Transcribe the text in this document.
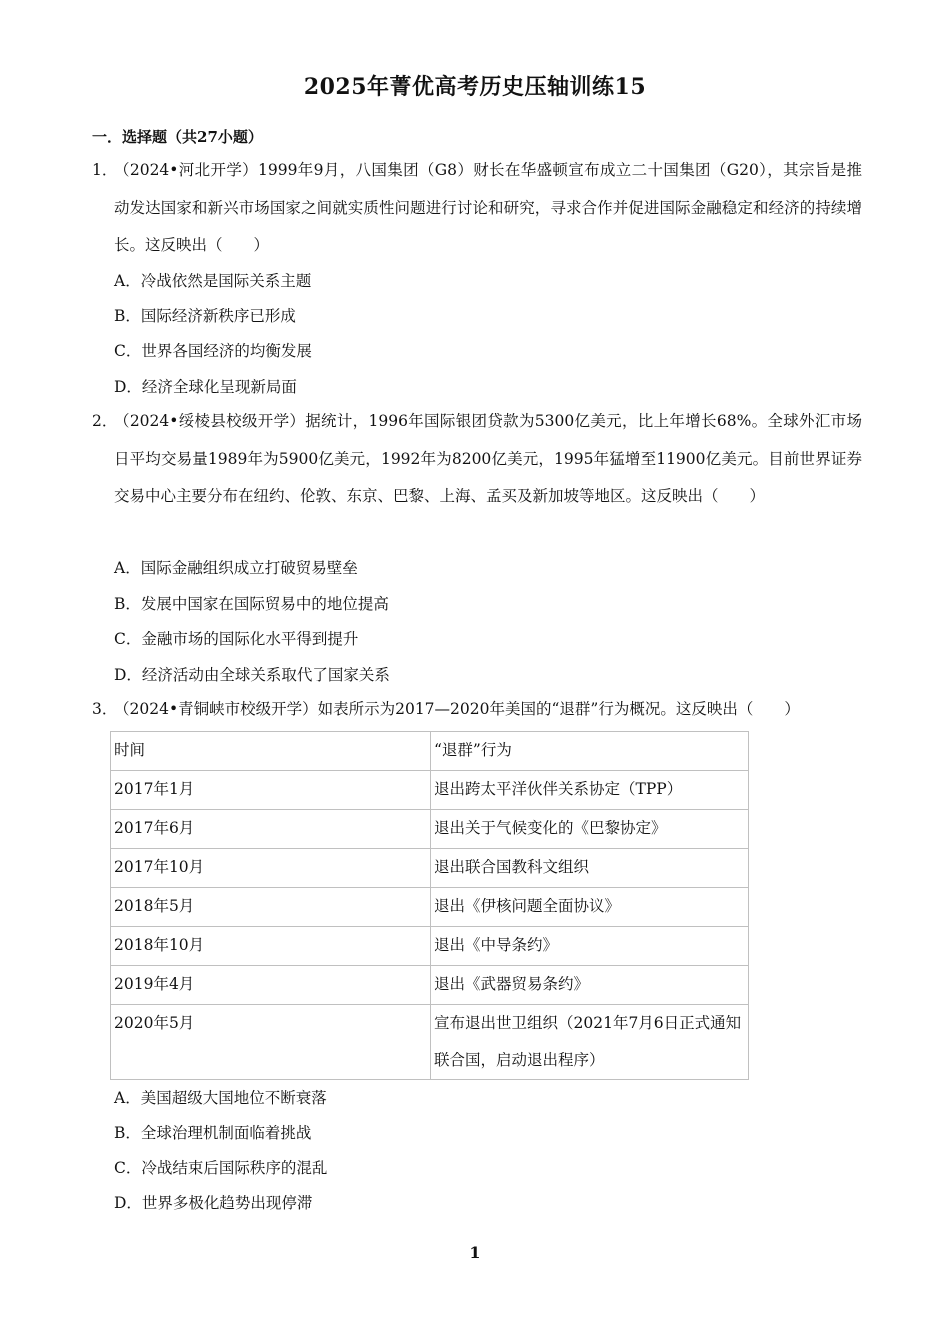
2025年菁优高考历史压轴训练15
一．选择题（共27小题）
1．
（2024•河北开学）1999年9月，八国集团（G8）财长在华盛顿宣布成立二十国集团（G20），其宗旨是推动发达国家和新兴市场国家之间就实质性问题进行讨论和研究，寻求合作并促进国际金融稳定和经济的持续增长。这反映出（　　）
A．冷战依然是国际关系主题
B．国际经济新秩序已形成
C．世界各国经济的均衡发展
D．经济全球化呈现新局面
2．
（2024•绥棱县校级开学）据统计，1996年国际银团贷款为5300亿美元，比上年增长68%。全球外汇市场日平均交易量1989年为5900亿美元，1992年为8200亿美元，1995年猛增至11900亿美元。目前世界证券交易中心主要分布在纽约、伦敦、东京、巴黎、上海、孟买及新加坡等地区。这反映出（　　）
A．国际金融组织成立打破贸易壁垒
B．发展中国家在国际贸易中的地位提高
C．金融市场的国际化水平得到提升
D．经济活动由全球关系取代了国家关系
3．
（2024•青铜峡市校级开学）如表所示为2017—2020年美国的“退群”行为概况。这反映出（　　）
时间	“退群”行为
2017年1月	退出跨太平洋伙伴关系协定（TPP）
2017年6月	退出关于气候变化的《巴黎协定》
2017年10月	退出联合国教科文组织
2018年5月	退出《伊核问题全面协议》
2018年10月	退出《中导条约》
2019年4月	退出《武器贸易条约》
2020年5月	宣布退出世卫组织（2021年7月6日正式通知联合国，启动退出程序）
A．美国超级大国地位不断衰落
B．全球治理机制面临着挑战
C．冷战结束后国际秩序的混乱
D．世界多极化趋势出现停滞
1
